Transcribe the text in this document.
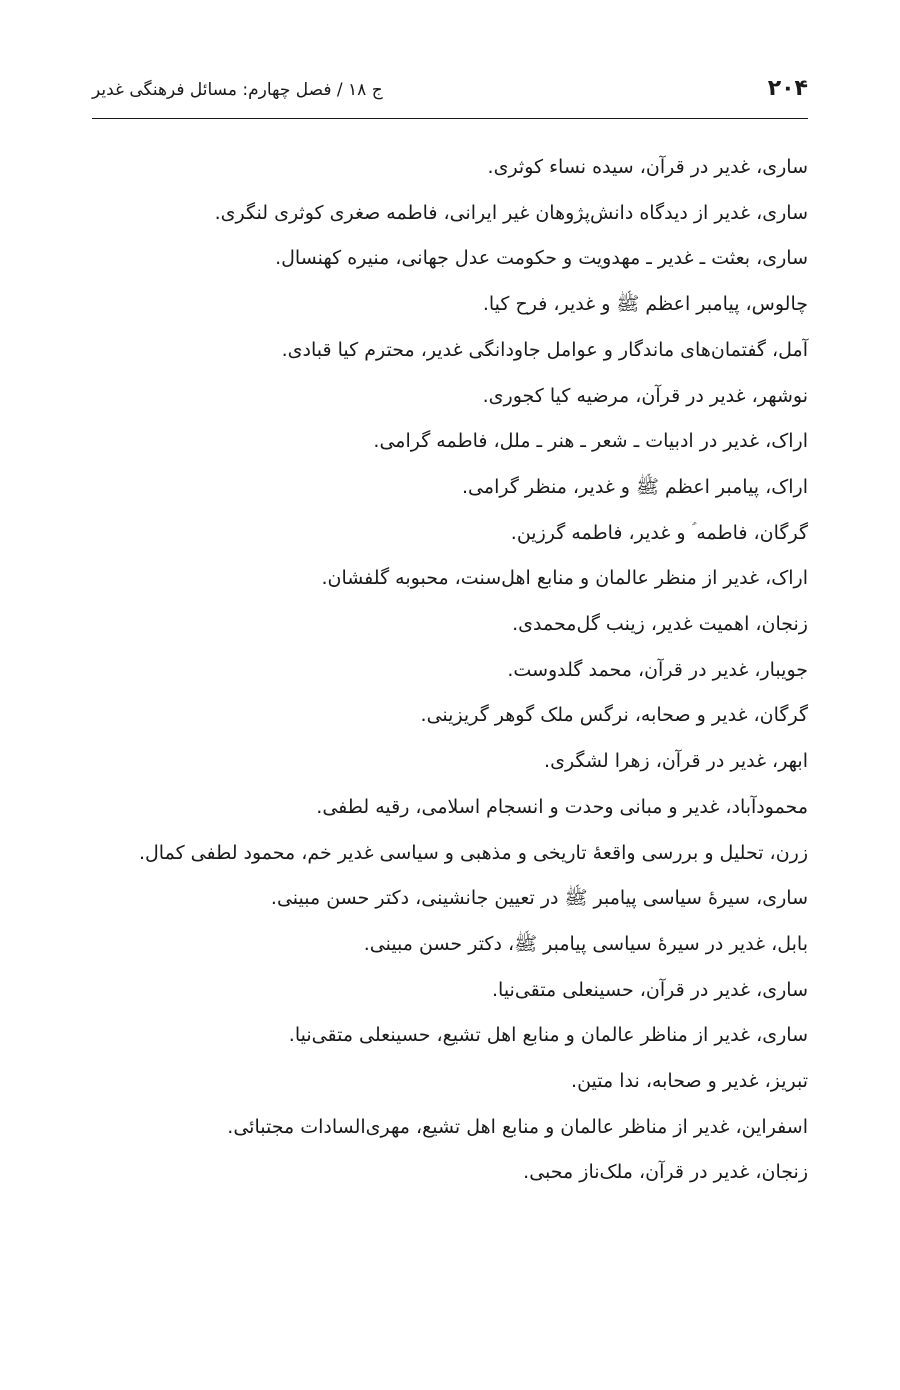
۲۰۴
ج ۱۸ / فصل چهارم: مسائل فرهنگی غدیر

ساری، غدیر در قرآن، سیده نساء کوثری.

ساری، غدیر از دیدگاه دانش‌پژوهان غیر ایرانی، فاطمه صغری کوثری لنگری.

ساری، بعثت ـ غدیر ـ مهدویت و حکومت عدل جهانی، منیره کهنسال.

چالوس، پیامبر اعظم ﷺ و غدیر، فرح کیا.

آمل، گفتمان‌های ماندگار و عوامل جاودانگی غدیر، محترم کیا قبادی.

نوشهر، غدیر در قرآن، مرضیه کیا کجوری.

اراک، غدیر در ادبیات ـ شعر ـ هنر ـ ملل، فاطمه گرامی.

اراک، پیامبر اعظم ﷺ و غدیر، منظر گرامی.

گرگان، فاطمه ؑ و غدیر، فاطمه گرزین.

اراک، غدیر از منظر عالمان و منابع اهل‌سنت، محبوبه گلفشان.

زنجان، اهمیت غدیر، زینب گل‌محمدی.

جویبار، غدیر در قرآن، محمد گلدوست.

گرگان، غدیر و صحابه، نرگس ملک گوهر گریزینی.

ابهر، غدیر در قرآن، زهرا لشگری.

محمودآباد، غدیر و مبانی وحدت و انسجام اسلامی، رقیه لطفی.

زرن، تحلیل و بررسی واقعهٔ تاریخی و مذهبی و سیاسی غدیر خم، محمود لطفی کمال.

ساری، سیرهٔ سیاسی پیامبر ﷺ در تعیین جانشینی، دکتر حسن مبینی.

بابل، غدیر در سیرهٔ سیاسی پیامبر ﷺ، دکتر حسن مبینی.

ساری، غدیر در قرآن، حسینعلی متقی‌نیا.

ساری، غدیر از مناظر عالمان و منابع اهل تشیع، حسینعلی متقی‌نیا.

تبریز، غدیر و صحابه، ندا متین.

اسفراین، غدیر از مناظر عالمان و منابع اهل تشیع، مهری‌السادات مجتبائی.

زنجان، غدیر در قرآن، ملک‌ناز محبی.
